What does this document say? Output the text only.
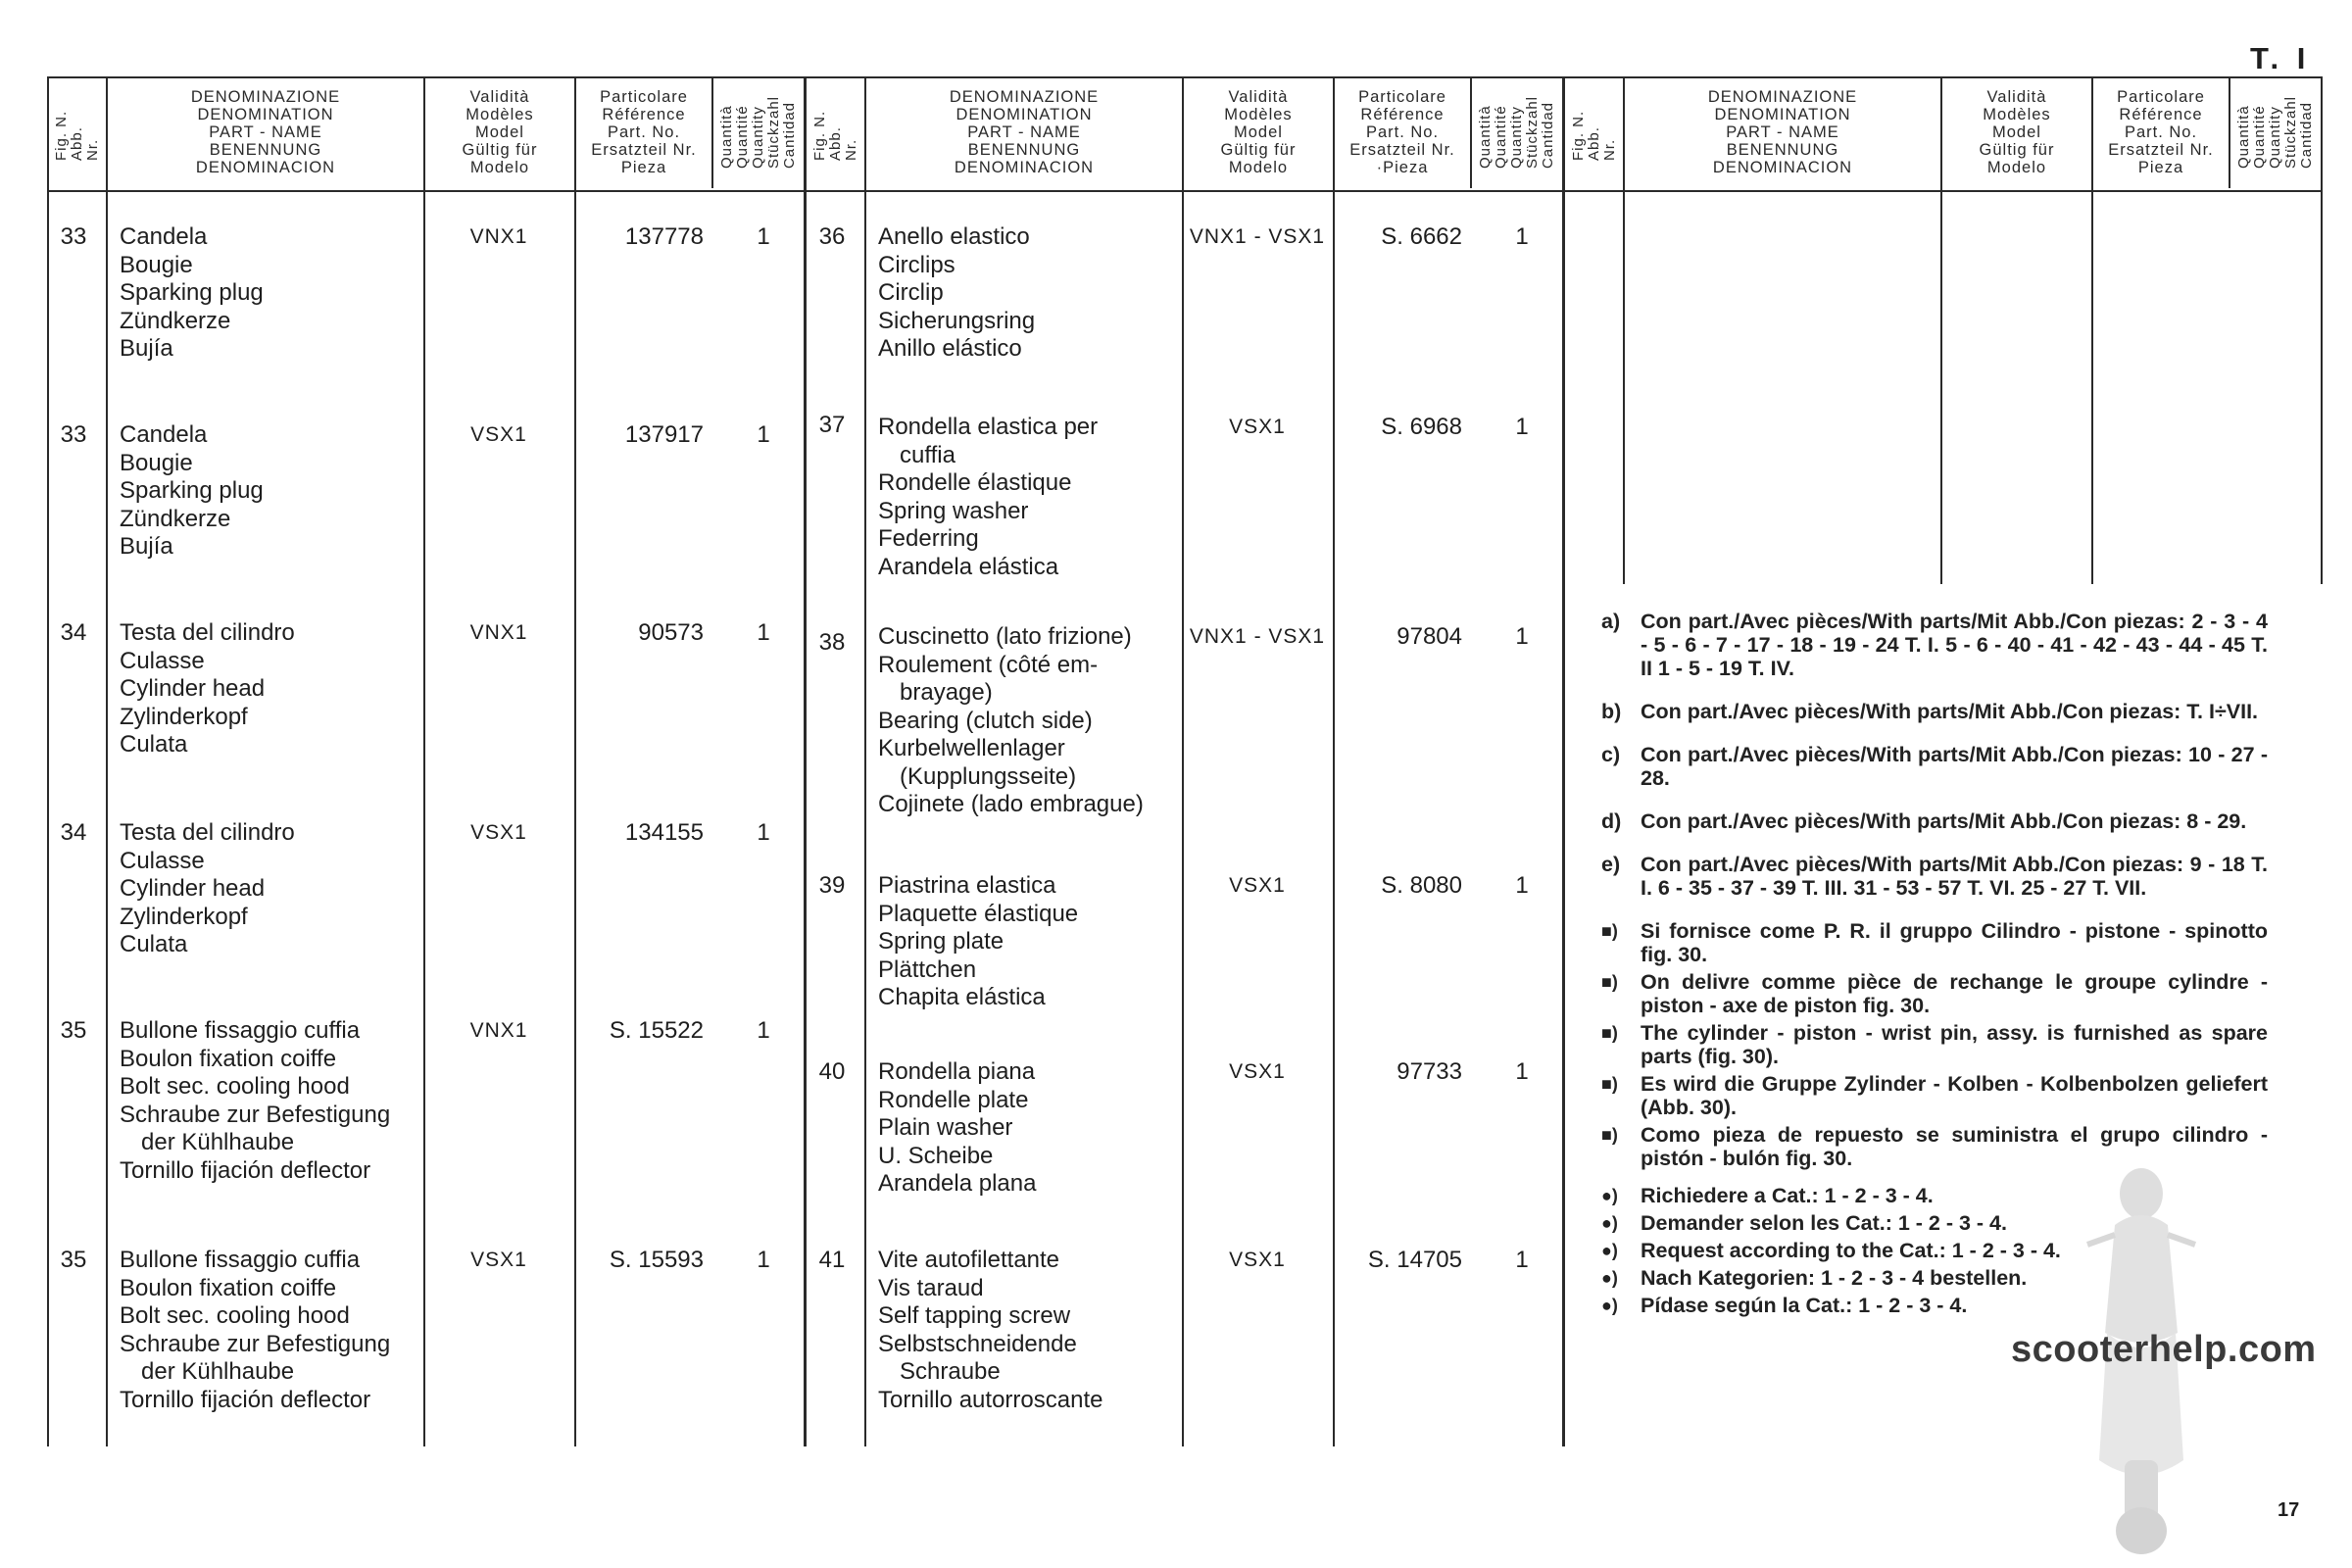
T. I
Fig. N.
Abb. Nr.
DENOMINAZIONE
DENOMINATION
PART - NAME
BENENNUNG
DENOMINACION
Validità
Modèles
Model
Gültig für
Modelo
Particolare
Référence
Part. No.
Ersatzteil Nr.
Pieza	Quantità
Quantité
Quantity
Stückzahl
Cantidad
33	Candela
Bougie
Sparking plug
Zündkerze
Bujía
VNX1	137778	1
33	Candela
Bougie
Sparking plug
Zündkerze
Bujía
VSX1	137917	1
34	Testa del cilindro
Culasse
Cylinder head
Zylinderkopf
Culata
VNX1	90573	1
34	Testa del cilindro
Culasse
Cylinder head
Zylinderkopf
Culata
VSX1	134155	1
35	Bullone fissaggio cuffia
Boulon fixation coiffe
Bolt sec. cooling hood
Schraube zur Befestigung
der Kühlhaube
Tornillo fijación deflector
VNX1	S. 15522	1
35	Bullone fissaggio cuffia
Boulon fixation coiffe
Bolt sec. cooling hood
Schraube zur Befestigung
der Kühlhaube
Tornillo fijación deflector
VSX1	S. 15593	1
Fig. N.
Abb. Nr.
DENOMINAZIONE
DENOMINATION
PART - NAME
BENENNUNG
DENOMINACION
Validità
Modèles
Model
Gültig für
Modelo
Particolare
Référence
Part. No.
Ersatzteil Nr.
·Pieza	Quantità
Quantité
Quantity
Stückzahl
Cantidad
36	Anello elastico
Circlips
Circlip
Sicherungsring
Anillo elástico
VNX1 - VSX1	S. 6662	1
37	Rondella elastica per
cuffia
Rondelle élastique
Spring washer
Federring
Arandela elástica
VSX1	S. 6968	1
38	Cuscinetto (lato frizione)
Roulement (côté em-
brayage)
Bearing (clutch side)
Kurbelwellenlager
(Kupplungsseite)
Cojinete (lado embrague)
VNX1 - VSX1	97804	1
39	Piastrina elastica
Plaquette élastique
Spring plate
Plättchen
Chapita elástica
VSX1	S. 8080	1
40	Rondella piana
Rondelle plate
Plain washer
U. Scheibe
Arandela plana
VSX1	97733	1
41	Vite autofilettante
Vis taraud
Self tapping screw
Selbstschneidende
Schraube
Tornillo autorroscante
VSX1	S. 14705	1
Fig. N.
Abb. Nr.
DENOMINAZIONE
DENOMINATION
PART - NAME
BENENNUNG
DENOMINACION
Validità
Modèles
Model
Gültig für
Modelo
Particolare
Référence
Part. No.
Ersatzteil Nr.
Pieza	Quantità
Quantité
Quantity
Stückzahl
Cantidad
a) Con part./Avec pièces/With parts/Mit Abb./Con piezas: 2 - 3 - 4 - 5 - 6 - 7 - 17 - 18 - 19 - 24 T. I. 5 - 6 - 40 - 41 - 42 - 43 - 44 - 45 T. II 1 - 5 - 19 T. IV.
b) Con part./Avec pièces/With parts/Mit Abb./Con piezas: T. I÷VII.
c) Con part./Avec pièces/With parts/Mit Abb./Con piezas: 10 - 27 - 28.
d) Con part./Avec pièces/With parts/Mit Abb./Con piezas: 8 - 29.
e) Con part./Avec pièces/With parts/Mit Abb./Con piezas: 9 - 18 T. I. 6 - 35 - 37 - 39 T. III. 31 - 53 - 57 T. VI. 25 - 27 T. VII.
■) Si fornisce come P. R. il gruppo Cilindro - pistone - spinotto fig. 30.
■) On delivre comme pièce de rechange le groupe cylindre - piston - axe de piston fig. 30.
■) The cylinder - piston - wrist pin, assy. is furnished as spare parts (fig. 30).
■) Es wird die Gruppe Zylinder - Kolben - Kolbenbolzen geliefert (Abb. 30).
■) Como pieza de repuesto se suministra el grupo cilindro - pistón - bulón fig. 30.
●) Richiedere a Cat.: 1 - 2 - 3 - 4.
●) Demander selon les Cat.: 1 - 2 - 3 - 4.
●) Request according to the Cat.: 1 - 2 - 3 - 4.
●) Nach Kategorien: 1 - 2 - 3 - 4 bestellen.
●) Pídase según la Cat.: 1 - 2 - 3 - 4.
scooterhelp.com
17
